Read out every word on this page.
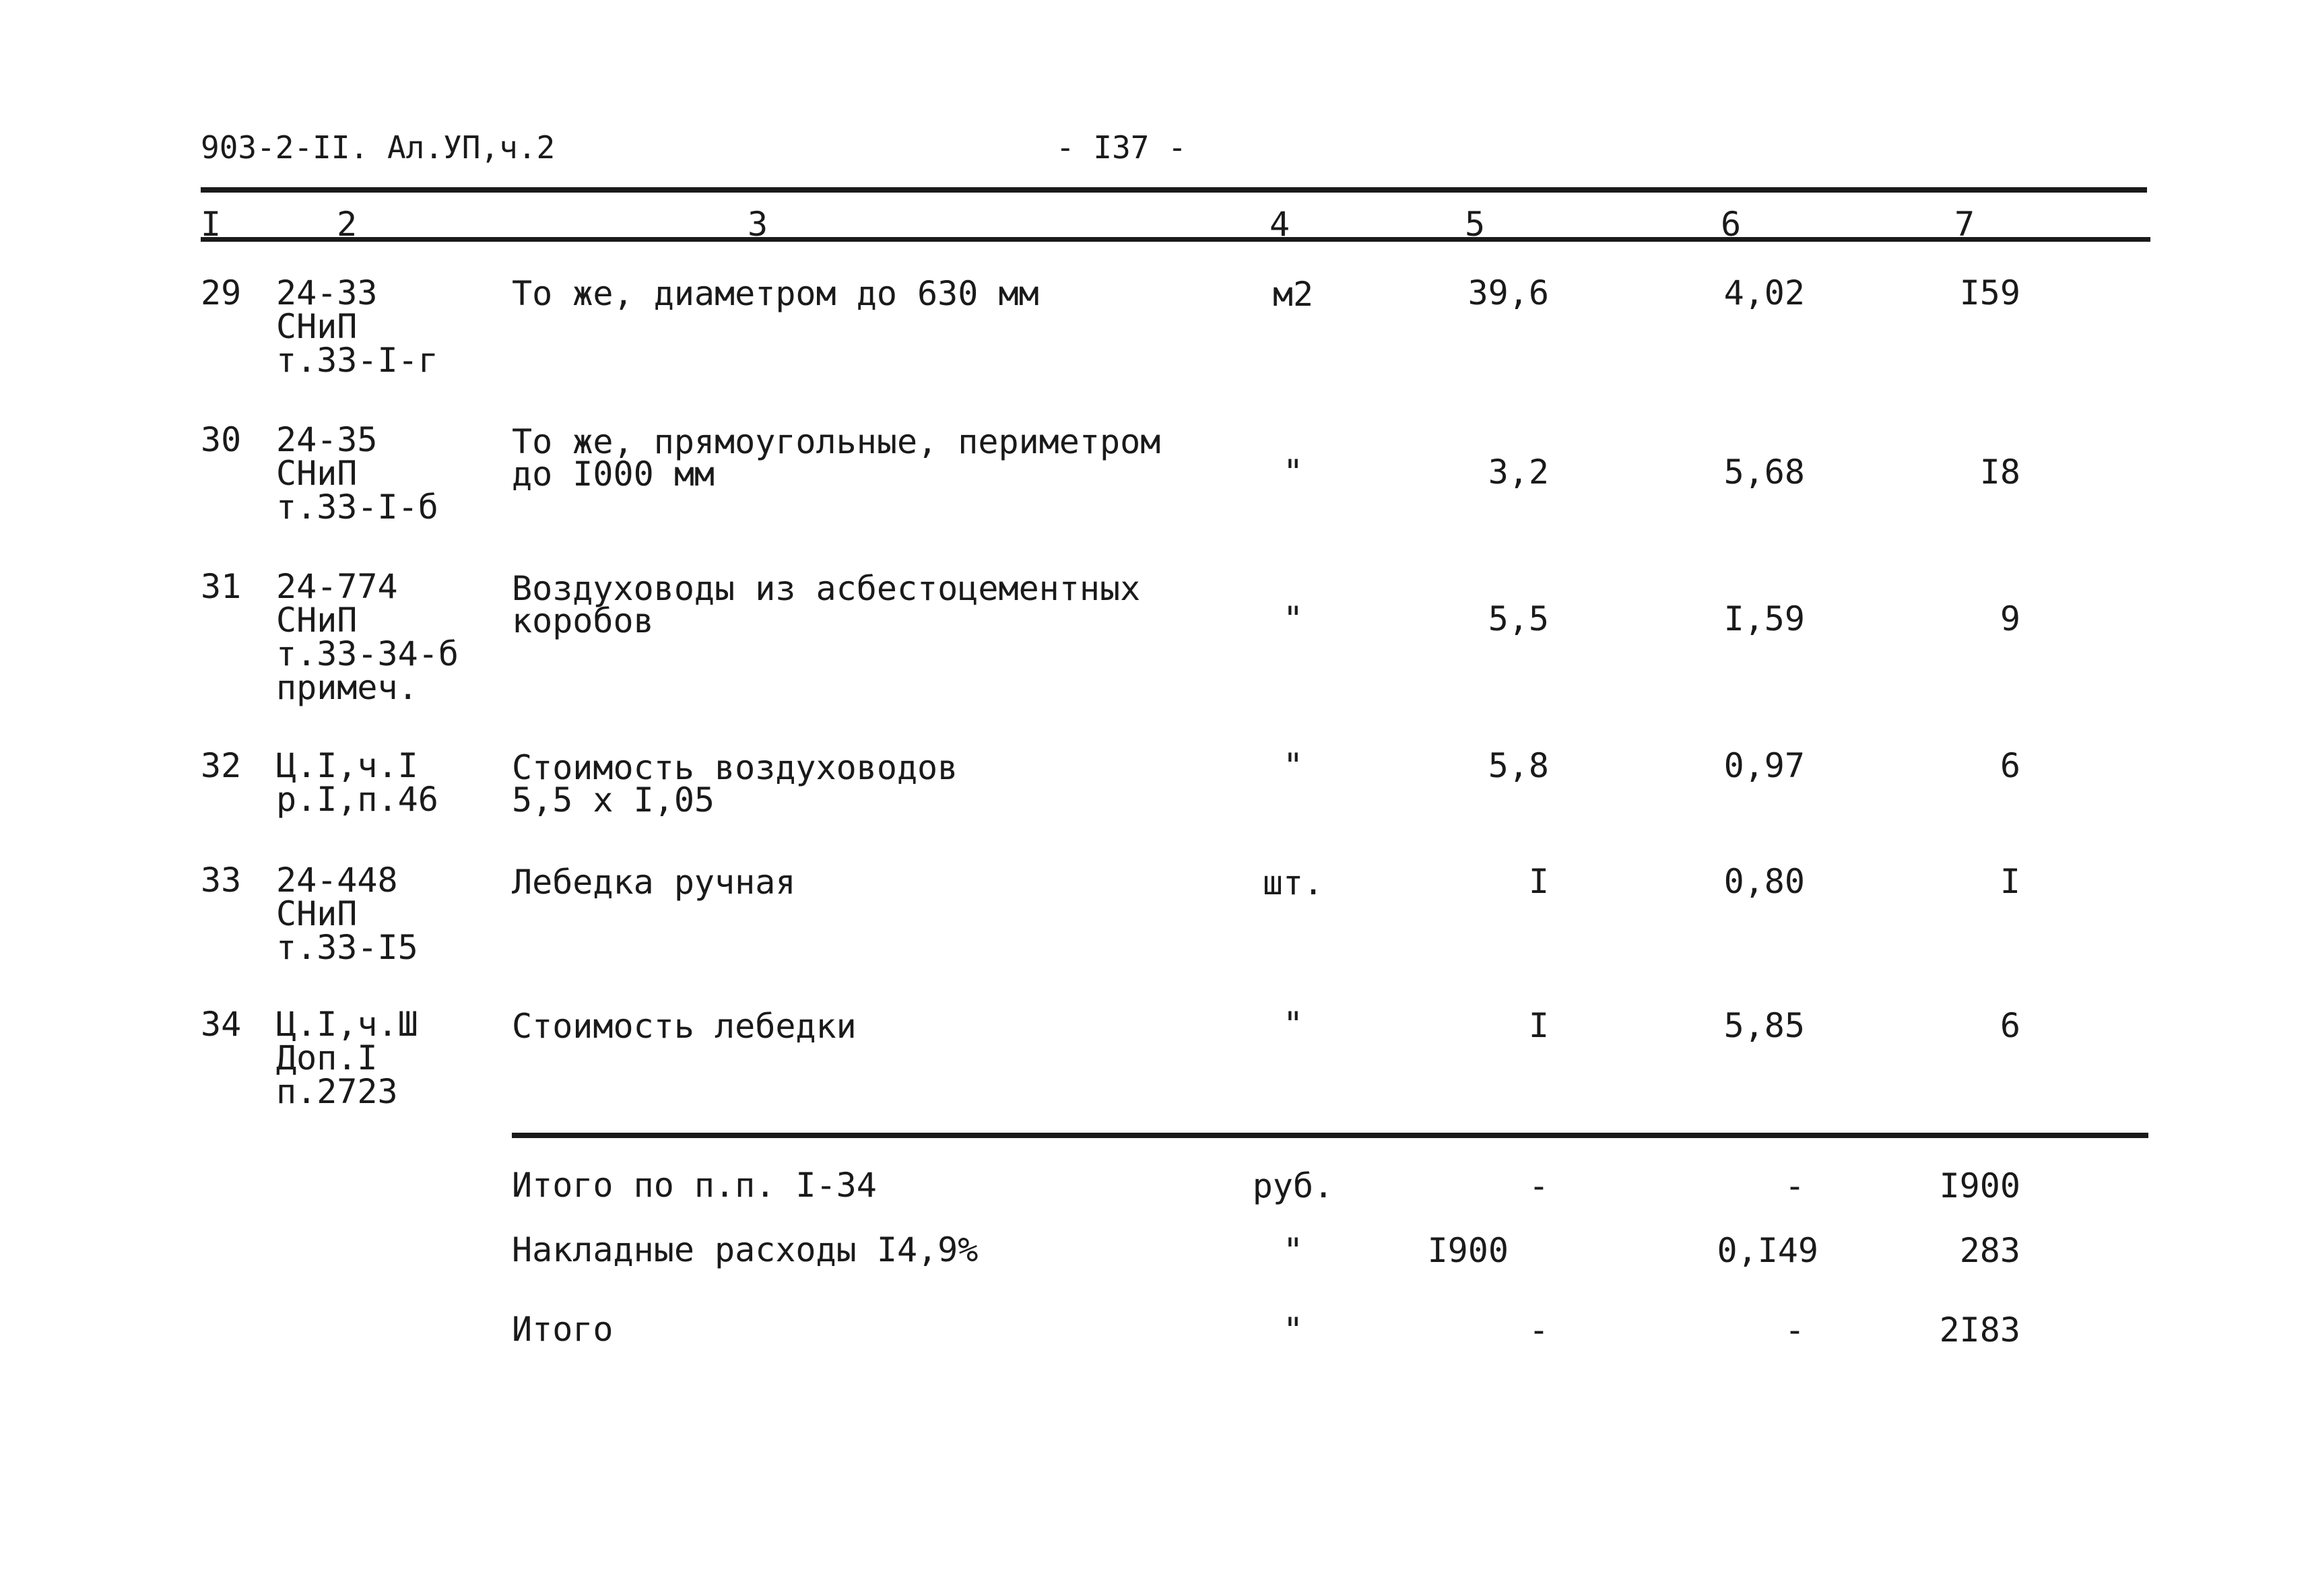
903-2-II. Ал.УП,ч.2	- I37 -
I	2	3	4	5	6	7
29 24-33
СНиП
т.33-I-г
То же, диаметром до 630 мм	м2	39,6	4,02	I59
30 24-35
СНиП
т.33-I-б
То же, прямоугольные, периметром
до I000 мм	"	3,2	5,68	I8
31 24-774
СНиП
т.33-34-б
примеч.
Воздуховоды из асбестоцементных
коробов	"	5,5	I,59	9
32 Ц.I,ч.I
р.I,п.46
Стоимость воздуховодов
5,5 x I,05
"	5,8	0,97	6
33 24-448
СНиП
т.33-I5
Лебедка ручная	шт.	I	0,80	I
34 Ц.I,ч.Ш
Доп.I
п.2723
Стоимость лебедки	"	I	5,85	6
Итого по п.п. I-34	руб.	-	-	I900
Накладные расходы I4,9%	"	I900	0,I49	283
Итого	"	-	-	2I83
